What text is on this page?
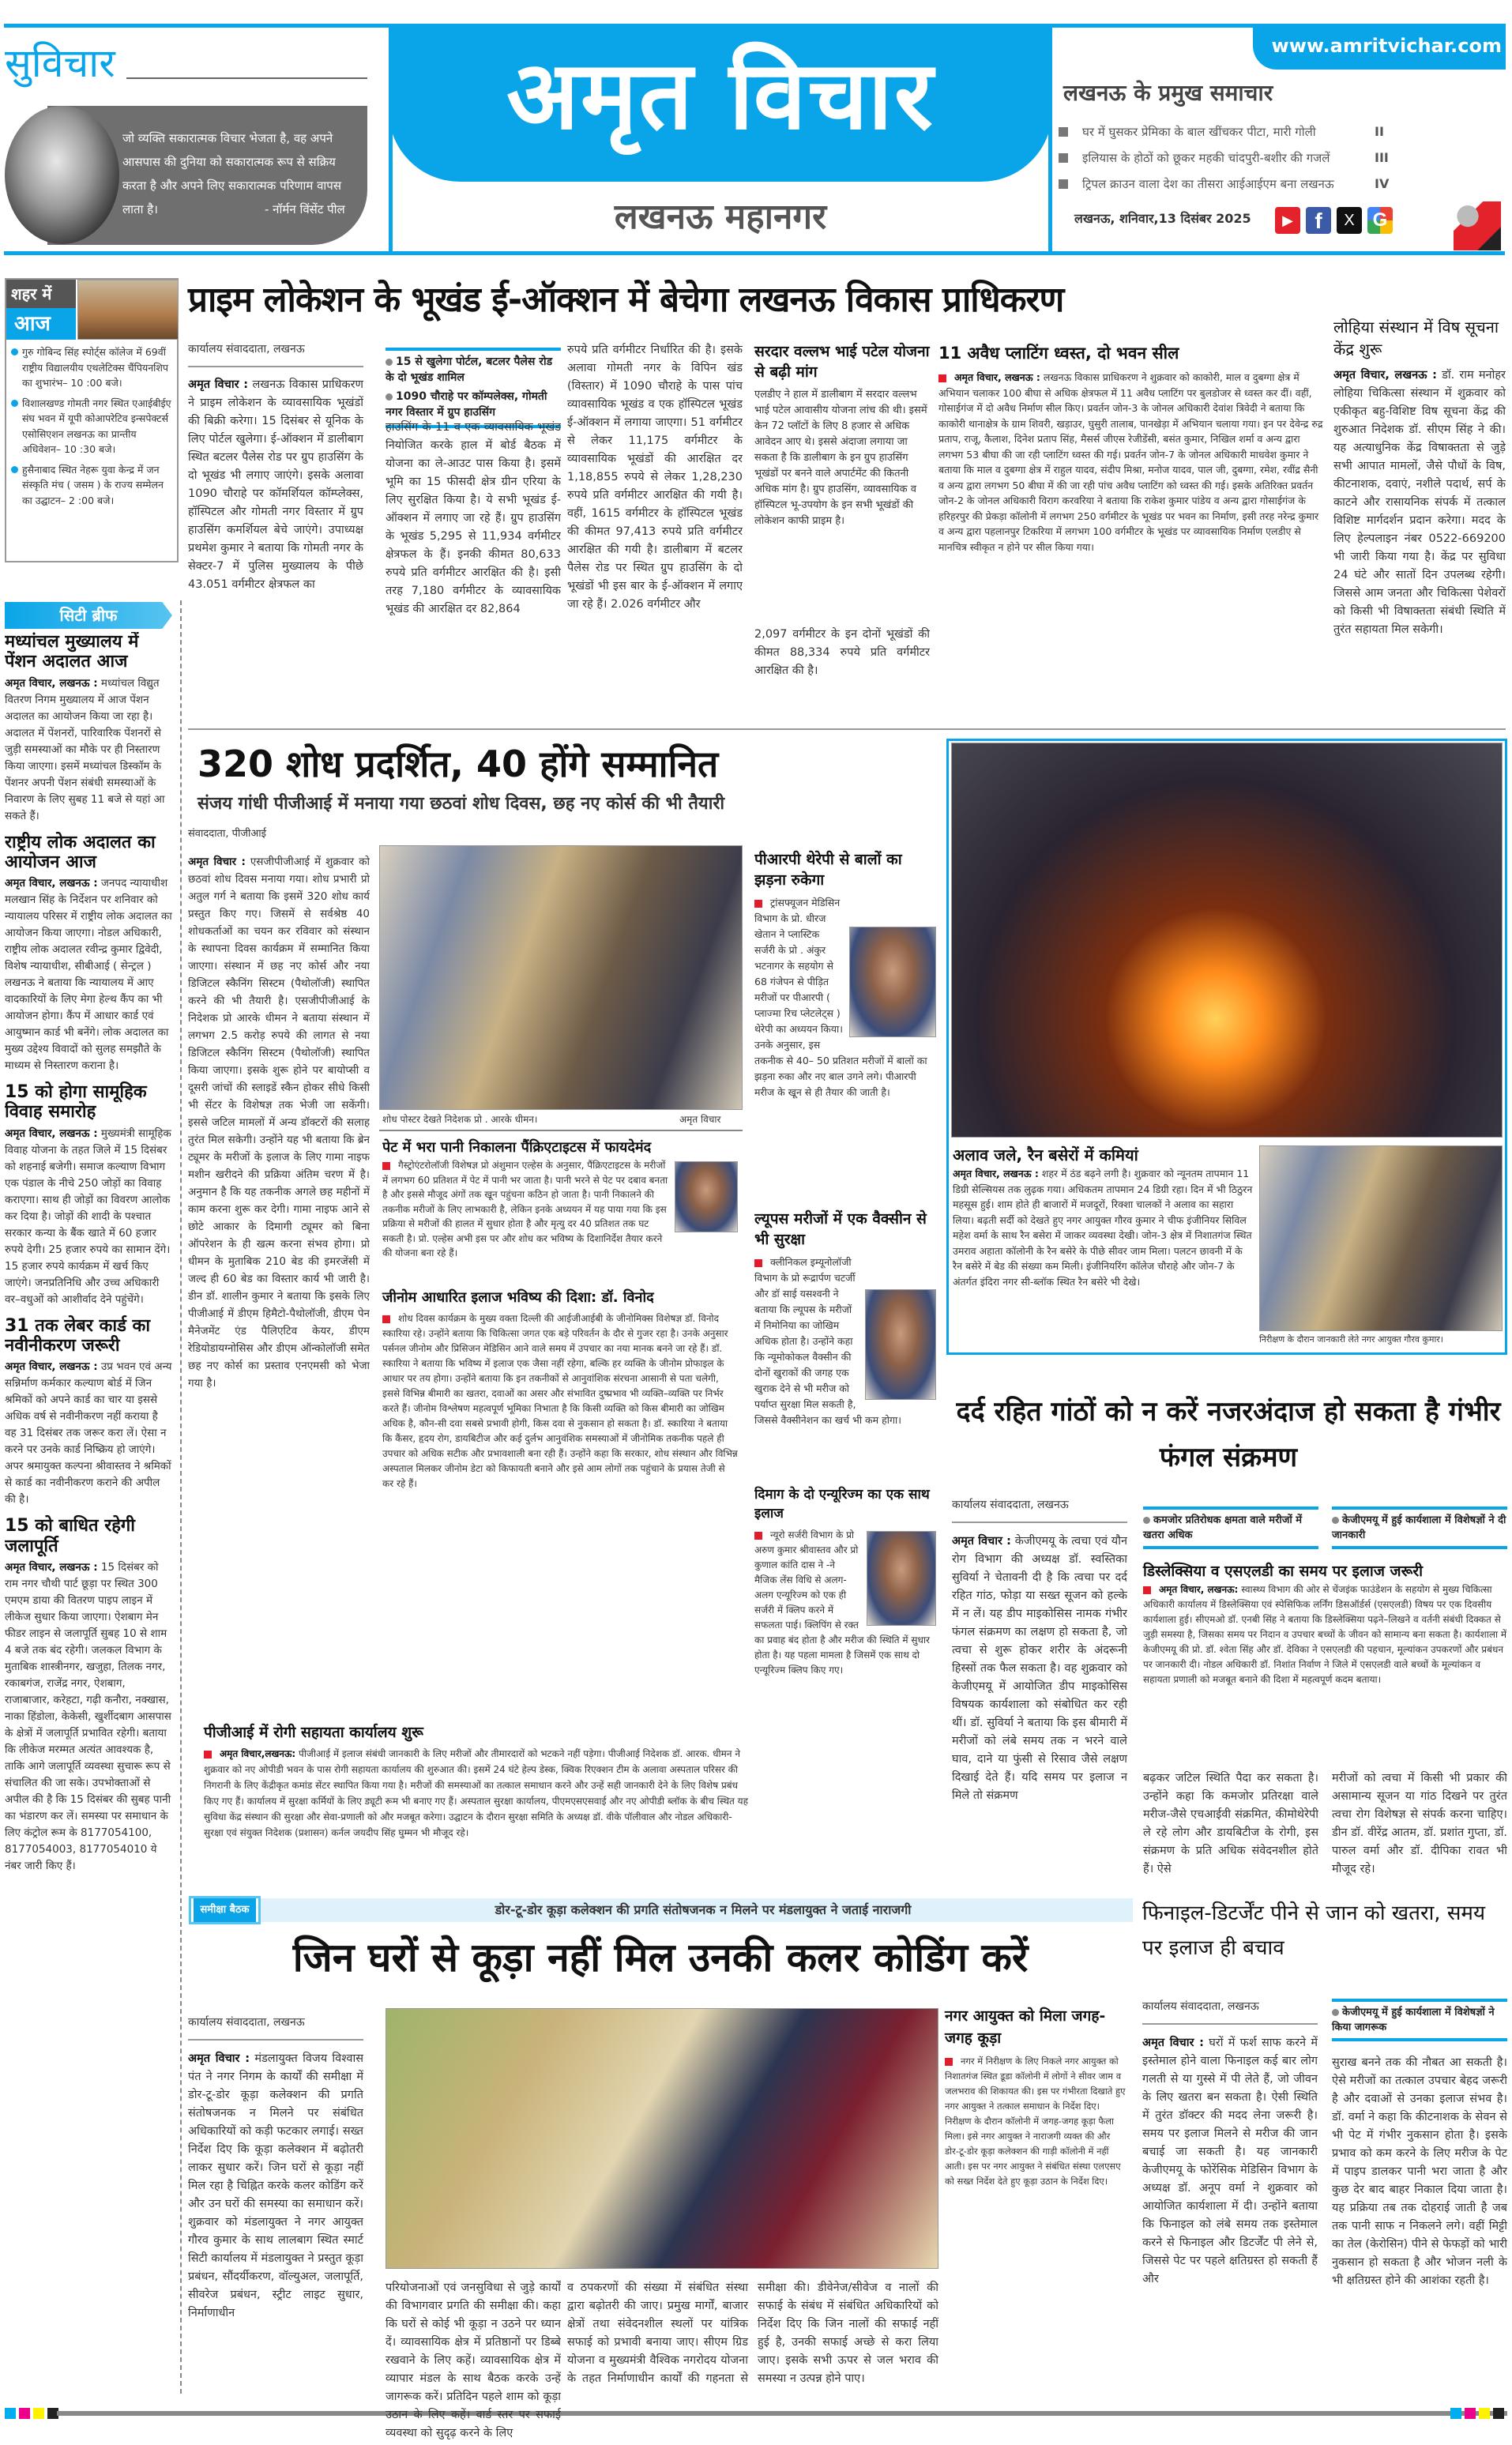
सुविचार
जो व्यक्ति सकारात्मक विचार भेजता है, वह अपने आसपास की दुनिया को सकारात्मक रूप से सक्रिय करता है और अपने लिए सकारात्मक परिणाम वापस लाता है।	- नॉर्मन विंसेंट पील
अमृत विचार
लखनऊ महानगर
www.amritvichar.com
लखनऊ के प्रमुख समाचार
घर में घुसकर प्रेमिका के बाल खींचकर पीटा, मारी गोली	II
इलियास के होठों को छूकर महकी चांदपुरी-बशीर की गजलें	III
ट्रिपल क्राउन वाला देश का तीसरा आईआईएम बना लखनऊ	IV
लखनऊ, शनिवार,13 दिसंबर 2025	▶ f	X G
शहर में
आज
गुरु गोबिन्द सिंह स्पोर्ट्स कॉलेज में 69वीं राष्ट्रीय विद्यालयीय एथलेटिक्स चैंपियनशिप का शुभारंभ– 10 :00 बजे।
विशालखण्ड गोमती नगर स्थित एआईबीईए संघ भवन में यूपी कोआपरेटिव इन्सपेक्टर्स एसोसिएशन लखनऊ का प्रान्तीय अधिवेशन– 10 :30 बजे।
हुसैनाबाद स्थित नेहरू युवा केन्द्र में जन संस्कृति मंच ( जसम ) के राज्य सम्मेलन का उद्घाटन– 2 :00 बजे।
सिटी ब्रीफ
मध्यांचल मुख्यालय में पेंशन अदालत आज
अमृत विचार, लखनऊ : मध्यांचल विद्युत वितरण निगम मुख्यालय में आज पेंशन अदालत का आयोजन किया जा रहा है। अदालत में पेंशनरों, पारिवारिक पेंशनरों से जुड़ी समस्याओं का मौके पर ही निस्तारण किया जाएगा। इसमें मध्यांचल डिस्कॉम के पेंशनर अपनी पेंशन संबंधी समस्याओं के निवारण के लिए सुबह 11 बजे से यहां आ सकते हैं।
राष्ट्रीय लोक अदालत का आयोजन आज
अमृत विचार, लखनऊ : जनपद न्यायाधीश मलखान सिंह के निर्देशन पर शनिवार को न्यायालय परिसर में राष्ट्रीय लोक अदालत का आयोजन किया जाएगा। नोडल अधिकारी, राष्ट्रीय लोक अदालत रवीन्द्र कुमार द्विवेदी, विशेष न्यायाधीश, सीबीआई ( सेन्ट्रल ) लखनऊ ने बताया कि न्यायालय में आए वादकारियों के लिए मेगा हेल्थ कैंप का भी आयोजन होगा। कैंप में आधार कार्ड एवं आयुष्मान कार्ड भी बनेंगे। लोक अदालत का मुख्य उद्देश्य विवादों को सुलह समझौते के माध्यम से निस्तारण कराना है।
15 को होगा सामूहिक विवाह समारोह
अमृत विचार, लखनऊ : मुख्यमंत्री सामूहिक विवाह योजना के तहत जिले में 15 दिसंबर को शहनाई बजेगी। समाज कल्याण विभाग एक पंडाल के नीचे 250 जोड़ों का विवाह कराएगा। साथ ही जोड़ों का विवरण आलोक कर दिया है। जोड़ों की शादी के पश्चात सरकार कन्या के बैंक खाते में 60 हजार रुपये देगी। 25 हजार रुपये का सामान देंगे। 15 हजार रुपये कार्यक्रम में खर्च किए जाएंगे। जनप्रतिनिधि और उच्च अधिकारी वर–वधुओं को आशीर्वाद देने पहुंचेंगे।
31 तक लेबर कार्ड का नवीनीकरण जरूरी
अमृत विचार, लखनऊ : उप्र भवन एवं अन्य सन्निर्माण कर्मकार कल्याण बोर्ड में जिन श्रमिकों को अपने कार्ड का चार या इससे अधिक वर्ष से नवीनीकरण नहीं कराया है वह 31 दिसंबर तक जरूर करा लें। ऐसा न करने पर उनके कार्ड निष्क्रिय हो जाएंगे। अपर श्रमायुक्त कल्पना श्रीवास्तव ने श्रमिकों से कार्ड का नवीनीकरण कराने की अपील की है।
15 को बाधित रहेगी जलापूर्ति
अमृत विचार, लखनऊ : 15 दिसंबर को राम नगर चौथी पार्ट छूड़ा पर स्थित 300 एमएम डाया की वितरण पाइप लाइन में लीकेज सुधार किया जाएगा। ऐशबाग मेन फीडर लाइन से जलापूर्ति सुबह 10 से शाम 4 बजे तक बंद रहेगी। जलकल विभाग के मुताबिक शास्त्रीनगर, खजुहा, तिलक नगर, रकाबगंज, राजेंद्र नगर, ऐशबाग, राजाबाजार, करेहटा, गढ़ी कनौरा, नक्खास, नाका हिंडोला, केकेसी, खुर्शीदबाग आसपास के क्षेत्रों में जलापूर्ति प्रभावित रहेगी। बताया कि लीकेज मरम्मत अत्यंत आवश्यक है, ताकि आगे जलापूर्ति व्यवस्था सुचारू रूप से संचालित की जा सके। उपभोक्ताओं से अपील की है कि 15 दिसंबर की सुबह पानी का भंडारण कर लें। समस्या पर समाधान के लिए कंट्रोल रूम के 8177054100, 8177054003, 8177054010 ये नंबर जारी किए हैं।
प्राइम लोकेशन के भूखंड ई-ऑक्शन में बेचेगा लखनऊ विकास प्राधिकरण
कार्यालय संवाददाता, लखनऊ
अमृत विचार : लखनऊ विकास प्राधिकरण ने प्राइम लोकेशन के व्यावसायिक भूखंडों की बिक्री करेगा। 15 दिसंबर से यूनिक के लिए पोर्टल खुलेगा। ई-ऑक्शन में डालीबाग स्थित बटलर पैलेस रोड पर ग्रुप हाउसिंग के दो भूखंड भी लगाए जाएंगे। इसके अलावा 1090 चौराहे पर कॉमर्शियल कॉम्प्लेक्स, हॉस्पिटल और गोमती नगर विस्तार में ग्रुप हाउसिंग कमर्शियल बेचे जाएंगे। उपाध्यक्ष प्रथमेश कुमार ने बताया कि गोमती नगर के सेक्टर-7 में पुलिस मुख्यालय के पीछे 43.051 वर्गमीटर क्षेत्रफल का
15 से खुलेगा पोर्टल, बटलर पैलेस रोड के दो भूखंड शामिल
1090 चौराहे पर कॉम्पलेक्स, गोमती नगर विस्तार में ग्रुप हाउसिंग
हाउसिंग के 11 व एक व्यावसायिक भूखंड नियोजित करके हाल में बोर्ड बैठक में योजना का ले-आउट पास किया है। इसमें भूमि का 15 फीसदी क्षेत्र ग्रीन एरिया के लिए सुरक्षित किया है। ये सभी भूखंड ई-ऑक्शन में लगाए जा रहे हैं। ग्रुप हाउसिंग के भूखंड 5,295 से 11,934 वर्गमीटर क्षेत्रफल के हैं। इनकी कीमत 80,633 रुपये प्रति वर्गमीटर आरक्षित की है। इसी तरह 7,180 वर्गमीटर के व्यावसायिक भूखंड की आरक्षित दर 82,864
रुपये प्रति वर्गमीटर निर्धारित की है। इसके अलावा गोमती नगर के विपिन खंड (विस्तार) में 1090 चौराहे के पास पांच व्यावसायिक भूखंड व एक हॉस्पिटल भूखंड ई-ऑक्शन में लगाया जाएगा। 51 वर्गमीटर से लेकर 11,175 वर्गमीटर के व्यावसायिक भूखंडों की आरक्षित दर 1,18,855 रुपये से लेकर 1,28,230 रुपये प्रति वर्गमीटर आरक्षित की गयी है। वहीं, 1615 वर्गमीटर के हॉस्पिटल भूखंड की कीमत 97,413 रुपये प्रति वर्गमीटर आरक्षित की गयी है। डालीबाग में बटलर पैलेस रोड पर स्थित ग्रुप हाउसिंग के दो भूखंडों भी इस बार के ई-ऑक्शन में लगाए जा रहे हैं। 2.026 वर्गमीटर और
सरदार वल्लभ भाई पटेल योजना से बढ़ी मांग
एलडीए ने हाल में डालीबाग में सरदार वल्लभ भाई पटेल आवासीय योजना लांच की थी। इसमें केन 72 प्लॉटों के लिए 8 हजार से अधिक आवेदन आए थे। इससे अंदाजा लगाया जा सकता है कि डालीबाग के इन ग्रुप हाउसिंग भूखंडों पर बनने वाले अपार्टमेंट की कितनी अधिक मांग है। ग्रुप हाउसिंग, व्यावसायिक व हॉस्पिटल भू-उपयोग के इन सभी भूखंडों की लोकेशन काफी प्राइम है।
2,097 वर्गमीटर के इन दोनों भूखंडों की कीमत 88,334 रुपये प्रति वर्गमीटर आरक्षित की है।
11 अवैध प्लाटिंग ध्वस्त, दो भवन सील
अमृत विचार, लखनऊ : लखनऊ विकास प्राधिकरण ने शुक्रवार को काकोरी, माल व दुबग्गा क्षेत्र में अभियान चलाकर 100 बीघा से अधिक क्षेत्रफल में 11 अवैध प्लाटिंग पर बुलडोजर से ध्वस्त कर दीं। वहीं, गोसाईगंज में दो अवैध निर्माण सील किए। प्रवर्तन जोन-3 के जोनल अधिकारी देवांश त्रिवेदी ने बताया कि काकोरी थानाक्षेत्र के ग्राम शिवरी, खड़ाउर, घुसुरी तालाब, पानखेड़ा में अभियान चलाया गया। इन पर देवेन्द्र रुद्र प्रताप, राजू, कैलाश, दिनेश प्रताप सिंह, मैसर्स जीएस रेजीडेंसी, बसंत कुमार, निखिल शर्मा व अन्य द्वारा लगभग 53 बीघा की जा रही प्लाटिंग ध्वस्त की गई। प्रवर्तन जोन-7 के जोनल अधिकारी माधवेश कुमार ने बताया कि माल व दुबग्गा क्षेत्र में राहुल यादव, संदीप मिश्रा, मनोज यादव, पाल जी, दुबग्गा, रमेश, रवींद्र सैनी व अन्य द्वारा लगभग 50 बीघा में की जा रही पांच अवैध प्लाटिंग को ध्वस्त की गई। इसके अतिरिक्त प्रवर्तन जोन-2 के जोनल अधिकारी विराग करवरिया ने बताया कि राकेश कुमार पांडेय व अन्य द्वारा गोसाईगंज के हरिहरपुर की प्रेकड़ा कॉलोनी में लगभग 250 वर्गमीटर के भूखंड पर भवन का निर्माण, इसी तरह नरेन्द्र कुमार व अन्य द्वारा पहलानपुर टिकरिया में लगभग 100 वर्गमीटर के भूखंड पर व्यावसायिक निर्माण एलडीए से मानचित्र स्वीकृत न होने पर सील किया गया।
लोहिया संस्थान में विष सूचना केंद्र शुरू
अमृत विचार, लखनऊ : डॉ. राम मनोहर लोहिया चिकित्सा संस्थान में शुक्रवार को एकीकृत बहु-विशिष्ट विष सूचना केंद्र की शुरुआत निदेशक डॉ. सीएम सिंह ने की। यह अत्याधुनिक केंद्र विषाक्तता से जुड़े सभी आपात मामलों, जैसे पौधों के विष, कीटनाशक, दवाएं, नशीले पदार्थ, सर्प के काटने और रासायनिक संपर्क में तत्काल विशिष्ट मार्गदर्शन प्रदान करेगा। मदद के लिए हेल्पलाइन नंबर 0522-669200 भी जारी किया गया है। केंद्र पर सुविधा 24 घंटे और सातों दिन उपलब्ध रहेगी। जिससे आम जनता और चिकित्सा पेशेवरों को किसी भी विषाक्तता संबंधी स्थिति में तुरंत सहायता मिल सकेगी।
320 शोध प्रदर्शित, 40 होंगे सम्मानित
संजय गांधी पीजीआई में मनाया गया छठवां शोध दिवस, छह नए कोर्स की भी तैयारी
संवाददाता, पीजीआई
अमृत विचार : एसजीपीजीआई में शुक्रवार को छठवां शोध दिवस मनाया गया। शोध प्रभारी प्रो अतुल गर्ग ने बताया कि इसमें 320 शोध कार्य प्रस्तुत किए गए। जिसमें से सर्वश्रेष्ठ 40 शोधकर्ताओं का चयन कर रविवार को संस्थान के स्थापना दिवस कार्यक्रम में सम्मानित किया जाएगा। संस्थान में छह नए कोर्स और नया डिजिटल स्कैनिंग सिस्टम (पैथोलॉजी) स्थापित करने की भी तैयारी है। एसजीपीजीआई के निदेशक प्रो आरके धीमन ने बताया संस्थान में लगभग 2.5 करोड़ रुपये की लागत से नया डिजिटल स्कैनिंग सिस्टम (पैथोलॉजी) स्थापित किया जाएगा। इसके शुरू होने पर बायोप्सी व दूसरी जांचों की स्लाइडें स्कैन होकर सीधे किसी भी सेंटर के विशेषज्ञ तक भेजी जा सकेंगी। इससे जटिल मामलों में अन्य डॉक्टरों की सलाह तुरंत मिल सकेगी। उन्होंने यह भी बताया कि ब्रेन ट्यूमर के मरीजों के इलाज के लिए गामा नाइफ मशीन खरीदने की प्रक्रिया अंतिम चरण में है। अनुमान है कि यह तकनीक अगले छह महीनों में काम करना शुरू कर देगी। गामा नाइफ आने से छोटे आकार के दिमागी ट्यूमर को बिना ऑपरेशन के ही खत्म करना संभव होगा। प्रो धीमन के मुताबिक 210 बेड की इमरजेंसी में जल्द ही 60 बेड का विस्तार कार्य भी जारी है। डीन डॉ. शालीन कुमार ने बताया कि इसके लिए पीजीआई में डीएम हिमैटो-पैथोलॉजी, डीएम पेन मैनेजमेंट एंड पैलिएटिव केयर, डीएम रेडियोडायग्नोसिस और डीएम ऑन्कोलॉजी समेत छह नए कोर्स का प्रस्ताव एनएमसी को भेजा गया है।
शोध पोस्टर देखते निदेशक प्रो . आरके धीमन।	अमृत विचार
पेट में भरा पानी निकालना पैंक्रिएटाइटस में फायदेमंद
गैस्ट्रोएंटरोलॉजी विशेषज्ञ प्रो अंशुमान एल्हेस के अनुसार, पैंक्रिएटाइटस के मरीजों में लगभग 60 प्रतिशत में पेट में पानी भर जाता है। पानी भरने से पेट पर दबाव बनता है और इससे मौजूद अंगों तक खून पहुंचना कठिन हो जाता है। पानी निकालने की तकनीक मरीजों के लिए लाभकारी है, लेकिन इनके अध्ययन में यह पाया गया कि इस प्रक्रिया से मरीजों की हालत में सुधार होता है और मृत्यु दर 40 प्रतिशत तक घट सकती है। प्रो. एल्हेस अभी इस पर और शोध कर भविष्य के दिशानिर्देश तैयार करने की योजना बना रहे हैं।
जीनोम आधारित इलाज भविष्य की दिशा: डॉ. विनोद
शोध दिवस कार्यक्रम के मुख्य वक्ता दिल्ली की आईजीआईबी के जीनोमिक्स विशेषज्ञ डॉ. विनोद स्कारिया रहे। उन्होंने बताया कि चिकित्सा जगत एक बड़े परिवर्तन के दौर से गुजर रहा है। उनके अनुसार पर्सनल जीनोम और प्रिसिजन मेडिसिन आने वाले समय में उपचार का नया मानक बनने जा रहे हैं। डॉ. स्कारिया ने बताया कि भविष्य में इलाज एक जैसा नहीं रहेगा, बल्कि हर व्यक्ति के जीनोम प्रोफाइल के आधार पर तय होगा। उन्होंने बताया कि इन तकनीकों से आनुवांशिक संरचना आसानी से पता चलेगी, इससे विभिन्न बीमारी का खतरा, दवाओं का असर और संभावित दुष्प्रभाव भी व्यक्ति–व्यक्ति पर निर्भर करते हैं। जीनोम विश्लेषण महत्वपूर्ण भूमिका निभाता है कि किसी व्यक्ति को किस बीमारी का जोखिम अधिक है, कौन-सी दवा सबसे प्रभावी होगी, किस दवा से नुकसान हो सकता है। डॉ. स्कारिया ने बताया कि कैंसर, हृदय रोग, डायबिटीज और कई दुर्लभ आनुवंशिक समस्याओं में जीनोमिक तकनीक पहले ही उपचार को अधिक सटीक और प्रभावशाली बना रही हैं। उन्होंने कहा कि सरकार, शोध संस्थान और विभिन्न अस्पताल मिलकर जीनोम डेटा को किफायती बनाने और इसे आम लोगों तक पहुंचाने के प्रयास तेजी से कर रहे हैं।
पीआरपी थेरेपी से बालों का झड़ना रुकेगा
ट्रांसफ्यूजन मेडिसिन विभाग के प्रो. धीरज खेतान ने प्लास्टिक सर्जरी के प्रो . अंकुर भटनागर के सहयोग से 68 गंजेपन से पीड़ित मरीजों पर पीआरपी ( प्लाज्मा रिच प्लेटलेट्स ) थेरेपी का अध्ययन किया। उनके अनुसार, इस तकनीक से 40– 50 प्रतिशत मरीजों में बालों का झड़ना रुका और नए बाल उगने लगे। पीआरपी मरीज के खून से ही तैयार की जाती है।
ल्यूपस मरीजों में एक वैक्सीन से भी सुरक्षा
क्लीनिकल इम्यूनोलॉजी विभाग के प्रो रूद्रार्पण चटर्जी और डॉ साई यसश्वनी ने बताया कि ल्यूपस के मरीजों में निमोनिया का जोखिम अधिक होता है। उन्होंने कहा कि न्यूमोकोकल वैक्सीन की दोनों खुराकों की जगह एक खुराक देने से भी मरीज को पर्याप्त सुरक्षा मिल सकती है, जिससे वैक्सीनेशन का खर्च भी कम होगा।
दिमाग के दो एन्यूरिज्म का एक साथ इलाज
न्यूरो सर्जरी विभाग के प्रो अरुण कुमार श्रीवास्तव और प्रो कुणाल कांति दास ने -ने मैजिक लेंस विधि से अलग-अलग एन्यूरिज्म को एक ही सर्जरी में क्लिप करने में सफलता पाई। क्लिपिंग से रक्त का प्रवाह बंद होता है और मरीज की स्थिति में सुधार होता है। यह पहला मामला है जिसमें एक साथ दो एन्यूरिज्म क्लिप किए गए।
पीजीआई में रोगी सहायता कार्यालय शुरू
अमृत विचार,लखनऊ: पीजीआई में इलाज संबंधी जानकारी के लिए मरीजों और तीमारदारों को भटकने नहीं पड़ेगा। पीजीआई निदेशक डॉ. आरक. धीमन ने शुक्रवार को नए ओपीडी भवन के पास रोगी सहायता कार्यालय की शुरुआत की। इसमें 24 घंटे हेल्प डेस्क, क्विक रिएक्शन टीम के अलावा अस्पताल परिसर की निगरानी के लिए केंद्रीकृत कमांड सेंटर स्थापित किया गया है। मरीजों की समस्याओं का तत्काल समाधान करने और उन्हें सही जानकारी देने के लिए विशेष प्रबंध किए गए हैं। कार्यालय में सुरक्षा कर्मियों के लिए ड्यूटी रूम भी बनाए गए हैं। अस्पताल सुरक्षा कार्यालय, पीएमएसएसवाई और नए ओपीडी ब्लॉक के बीच स्थित यह सुविधा केंद्र संस्थान की सुरक्षा और सेवा-प्रणाली को और मजबूत करेगा। उद्घाटन के दौरान सुरक्षा समिति के अध्यक्ष डॉ. वीके पॉलीवाल और नोडल अधिकारी- सुरक्षा एवं संयुक्त निदेशक (प्रशासन) कर्नल जयदीप सिंह घुम्मन भी मौजूद रहे।
अलाव जले, रैन बसेरों में कमियां
अमृत विचार, लखनऊ : शहर में ठंड बढ़ने लगी है। शुक्रवार को न्यूनतम तापमान 11 डिग्री सेल्सियस तक लुढ़क गया। अधिकतम तापमान 24 डिग्री रहा। दिन में भी ठिठुरन महसूस हुई। शाम होते ही बाजारों में मजदूरों, रिक्शा चालकों ने अलाव का सहारा लिया। बढ़ती सर्दी को देखते हुए नगर आयुक्त गौरव कुमार ने चीफ इंजीनियर सिविल महेश वर्मा के साथ रैन बसेरा में जाकर व्यवस्था देखी। जोन-3 क्षेत्र में निशातगंज स्थित उमराव अहाता कॉलोनी के रैन बसेरे के पीछे सीवर जाम मिला। पलटन छावनी में के रैन बसेरे में बेड की संख्या कम मिली। इंजीनियरिंग कॉलेज चौराहे और जोन-7 के अंतर्गत इंदिरा नगर सी-ब्लॉक स्थित रैन बसेरे भी देखे।
निरीक्षण के दौरान जानकारी लेते नगर आयुक्त गौरव कुमार।
दर्द रहित गांठों को न करें नजरअंदाज हो सकता है गंभीर फंगल संक्रमण
कार्यालय संवाददाता, लखनऊ
अमृत विचार : केजीएमयू के त्वचा एवं यौन रोग विभाग की अध्यक्ष डॉ. स्वस्तिका सुविर्या ने चेतावनी दी है कि त्वचा पर दर्द रहित गांठ, फोड़ा या सख्त सूजन को हल्के में न लें। यह डीप माइकोसिस नामक गंभीर फंगल संक्रमण का लक्षण हो सकता है, जो त्वचा से शुरू होकर शरीर के अंदरूनी हिस्सों तक फैल सकता है। वह शुक्रवार को केजीएमयू में आयोजित डीप माइकोसिस विषयक कार्यशाला को संबोधित कर रही थीं। डॉ. सुविर्या ने बताया कि इस बीमारी में मरीजों को लंबे समय तक न भरने वाले घाव, दाने या फुंसी से रिसाव जैसे लक्षण दिखाई देते हैं। यदि समय पर इलाज न मिले तो संक्रमण
कमजोर प्रतिरोधक क्षमता वाले मरीजों में खतरा अधिक
केजीएमयू में हुई कार्यशाला में विशेषज्ञों ने दी जानकारी
डिस्लेक्सिया व एसएलडी का समय पर इलाज जरूरी
अमृत विचार, लखनऊ: स्वास्थ्य विभाग की ओर से चेंजइंक फाउंडेशन के सहयोग से मुख्य चिकित्सा अधिकारी कार्यालय में डिस्लेक्सिया एवं स्पेसिफिक लर्निंग डिसऑर्डर्स (एसएलडी) विषय पर एक दिवसीय कार्यशाला हुई। सीएमओ डॉ. एनबी सिंह ने बताया कि डिस्लेक्सिया पढ़ने–लिखने व वर्तनी संबंधी दिक्कत से जुड़ी समस्या है, जिसका समय पर निदान व उपचार बच्चों के जीवन को सामान्य बना सकता है। कार्यशाला में केजीएमयू की प्रो. डॉ. श्वेता सिंह और डॉ. देविका ने एसएलडी की पहचान, मूल्यांकन उपकरणों और प्रबंधन पर जानकारी दी। नोडल अधिकारी डॉ. निशांत निर्वाण ने जिले में एसएलडी वाले बच्चों के मूल्यांकन व सहायता प्रणाली को मजबूत बनाने की दिशा में महत्वपूर्ण कदम बताया।
बढ़कर जटिल स्थिति पैदा कर सकता है। उन्होंने कहा कि कमजोर प्रतिरक्षा वाले मरीज-जैसे एचआईवी संक्रमित, कीमोथेरेपी ले रहे लोग और डायबिटीज के रोगी, इस संक्रमण के प्रति अधिक संवेदनशील होते हैं। ऐसे
मरीजों को त्वचा में किसी भी प्रकार की असामान्य सूजन या गांठ दिखने पर तुरंत त्वचा रोग विशेषज्ञ से संपर्क करना चाहिए। डीन डॉ. वीरेंद्र आतम, डॉ. प्रशांत गुप्ता, डॉ. पारुल वर्मा और डॉ. दीपिका रावत भी मौजूद रहे।
समीक्षा बैठक	डोर-टू-डोर कूड़ा कलेक्शन की प्रगति संतोषजनक न मिलने पर मंडलायुक्त ने जताई नाराजगी
जिन घरों से कूड़ा नहीं मिल उनकी कलर कोडिंग करें
कार्यालय संवाददाता, लखनऊ
अमृत विचार : मंडलायुक्त विजय विश्वास पंत ने नगर निगम के कार्यों की समीक्षा में डोर-टू-डोर कूड़ा कलेक्शन की प्रगति संतोषजनक न मिलने पर संबंधित अधिकारियों को कड़ी फटकार लगाई। सख्त निर्देश दिए कि कूड़ा कलेक्शन में बढ़ोतरी लाकर सुधार करें। जिन घरों से कूड़ा नहीं मिल रहा है चिह्नित करके कलर कोडिंग करें और उन घरों की समस्या का समाधान करें। शुक्रवार को मंडलायुक्त ने नगर आयुक्त गौरव कुमार के साथ लालबाग स्थित स्मार्ट सिटी कार्यालय में मंडलायुक्त ने प्रस्तुत कूड़ा प्रबंधन, सौंदर्यीकरण, वॉल्युअल, जलापूर्ति, सीवरेज प्रबंधन, स्ट्रीट लाइट सुधार, निर्माणाधीन
परियोजनाओं एवं जनसुविधा से जुड़े कार्यों की विभागवार प्रगति की समीक्षा की। कहा कि घरों से कोई भी कूड़ा न उठने पर ध्यान दें। व्यावसायिक क्षेत्र में प्रतिष्ठानों पर डिब्बे रखवाने के लिए कहें। व्यावसायिक क्षेत्र में व्यापार मंडल के साथ बैठक करके उन्हें जागरूक करें। प्रतिदिन पहले शाम को कूड़ा उठान के लिए कहें। वार्ड स्तर पर सफाई व्यवस्था को सुदृढ़ करने के लिए
व ठपकरणों की संख्या में संबंधित संस्था द्वारा बढ़ोतरी की जाए। प्रमुख मार्गों, बाजार क्षेत्रों तथा संवेदनशील स्थलों पर यांत्रिक सफाई को प्रभावी बनाया जाए। सीएम ग्रिड योजना व मुख्यमंत्री वैश्विक नगरोदय योजना के तहत निर्माणाधीन कार्यों की गहनता से समीक्षा की। डीवेनेज/सीवेज व नालों की सफाई के संबंध में संबंधित अधिकारियों को निर्देश दिए कि जिन नालों की सफाई नहीं हुई है, उनकी सफाई अच्छे से करा लिया जाए। इसके सभी ऊपर से जल भराव की समस्या न उत्पन्न होने पाए।
नगर आयुक्त को मिला जगह-जगह कूड़ा
नगर में निरीक्षण के लिए निकले नगर आयुक्त को निशातगंज स्थित डूडा कॉलोनी में लोगों ने सीवर जाम व जलभराव की शिकायत की। इस पर गंभीरता दिखाते हुए नगर आयुक्त ने तत्काल समाधान के निर्देश दिए। निरीक्षण के दौरान कॉलोनी में जगह-जगह कूड़ा फैला मिला। इसे नगर आयुक्त ने नाराजगी व्यक्त की और डोर-टू-डोर कूड़ा कलेक्शन की गाड़ी कॉलोनी में नहीं आती। इस पर नगर आयुक्त ने संबंधित संस्था एलएसए को सख्त निर्देश देते हुए कूड़ा उठान के निर्देश दिए।
फिनाइल-डिटर्जेंट पीने से जान को खतरा, समय पर इलाज ही बचाव
कार्यालय संवाददाता, लखनऊ
अमृत विचार : घरों में फर्श साफ करने में इस्तेमाल होने वाला फिनाइल कई बार लोग गलती से या गुस्से में पी लेते हैं, जो जीवन के लिए खतरा बन सकता है। ऐसी स्थिति में तुरंत डॉक्टर की मदद लेना जरूरी है। समय पर इलाज मिलने से मरीज की जान बचाई जा सकती है। यह जानकारी केजीएमयू के फोरेंसिक मेडिसिन विभाग के अध्यक्ष डॉ. अनूप वर्मा ने शुक्रवार को आयोजित कार्यशाला में दी। उन्होंने बताया कि फिनाइल को लंबे समय तक इस्तेमाल करने से फिनाइल और डिटर्जेंट पी लेने से, जिससे पेट पर पहले क्षतिग्रस्त हो सकती हैं और
केजीएमयू में हुई कार्यशाला में विशेषज्ञों ने किया जागरूक
सुराख बनने तक की नौबत आ सकती है। ऐसे मरीजों का तत्काल उपचार बेहद जरूरी है और दवाओं से उनका इलाज संभव है। डॉ. वर्मा ने कहा कि कीटनाशक के सेवन से भी पेट में गंभीर नुकसान होता है। इसके प्रभाव को कम करने के लिए मरीज के पेट में पाइप डालकर पानी भरा जाता है और कुछ देर बाद बाहर निकाल दिया जाता है। यह प्रक्रिया तब तक दोहराई जाती है जब तक पानी साफ न निकलने लगे। वहीं मिट्टी का तेल (केरोसिन) पीने से फेफड़ों को भारी नुकसान हो सकता है और भोजन नली के भी क्षतिग्रस्त होने की आशंका रहती है।
